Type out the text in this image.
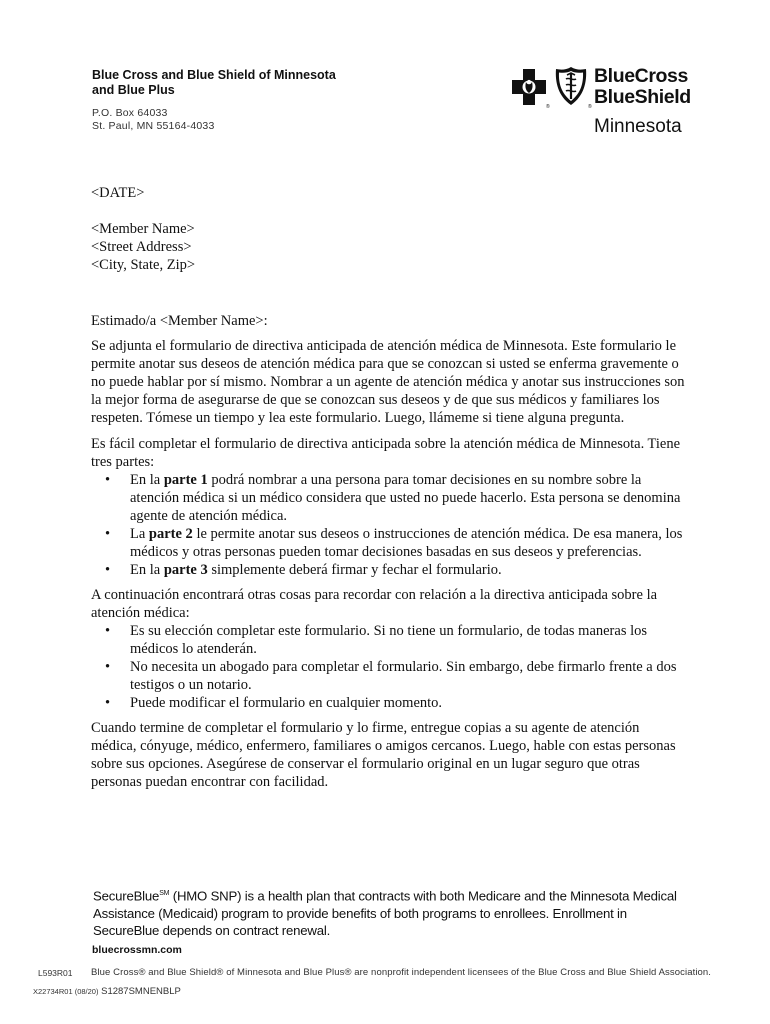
Blue Cross and Blue Shield of Minnesota
and Blue Plus
P.O. Box 64033
St. Paul, MN 55164-4033
®	®
BlueCross
BlueShield
Minnesota

<DATE>

<Member Name>

<Street Address>

<City, State, Zip>

Estimado/a <Member Name>:

Se adjunta el formulario de directiva anticipada de atención médica de Minnesota. Este formulario le permite anotar sus deseos de atención médica para que se conozcan si usted se enferma gravemente o no puede hablar por sí mismo. Nombrar a un agente de atención médica y anotar sus instrucciones son la mejor forma de asegurarse de que se conozcan sus deseos y de que sus médicos y familiares los respeten. Tómese un tiempo y lea este formulario. Luego, llámeme si tiene alguna pregunta.

Es fácil completar el formulario de directiva anticipada sobre la atención médica de Minnesota. Tiene tres partes:

• En la parte 1 podrá nombrar a una persona para tomar decisiones en su nombre sobre la atención médica si un médico considera que usted no puede hacerlo. Esta persona se denomina agente de atención médica.
• La parte 2 le permite anotar sus deseos o instrucciones de atención médica. De esa manera, los médicos y otras personas pueden tomar decisiones basadas en sus deseos y preferencias.
• En la parte 3 simplemente deberá firmar y fechar el formulario.

A continuación encontrará otras cosas para recordar con relación a la directiva anticipada sobre la atención médica:

• Es su elección completar este formulario. Si no tiene un formulario, de todas maneras los médicos lo atenderán.
• No necesita un abogado para completar el formulario. Sin embargo, debe firmarlo frente a dos testigos o un notario.
• Puede modificar el formulario en cualquier momento.

Cuando termine de completar el formulario y lo firme, entregue copias a su agente de atención médica, cónyuge, médico, enfermero, familiares o amigos cercanos. Luego, hable con estas personas sobre sus opciones. Asegúrese de conservar el formulario original en un lugar seguro que otras personas puedan encontrar con facilidad.

SecureBlue℠ (HMO SNP) is a health plan that contracts with both Medicare and the Minnesota Medical Assistance (Medicaid) program to provide benefits of both programs to enrollees. Enrollment in SecureBlue depends on contract renewal.
bluecrossmn.com
L593R01 Blue Cross® and Blue Shield® of Minnesota and Blue Plus® are nonprofit independent licensees of the Blue Cross and Blue Shield Association.
X22734R01 (08/20) S1287SMNENBLP
